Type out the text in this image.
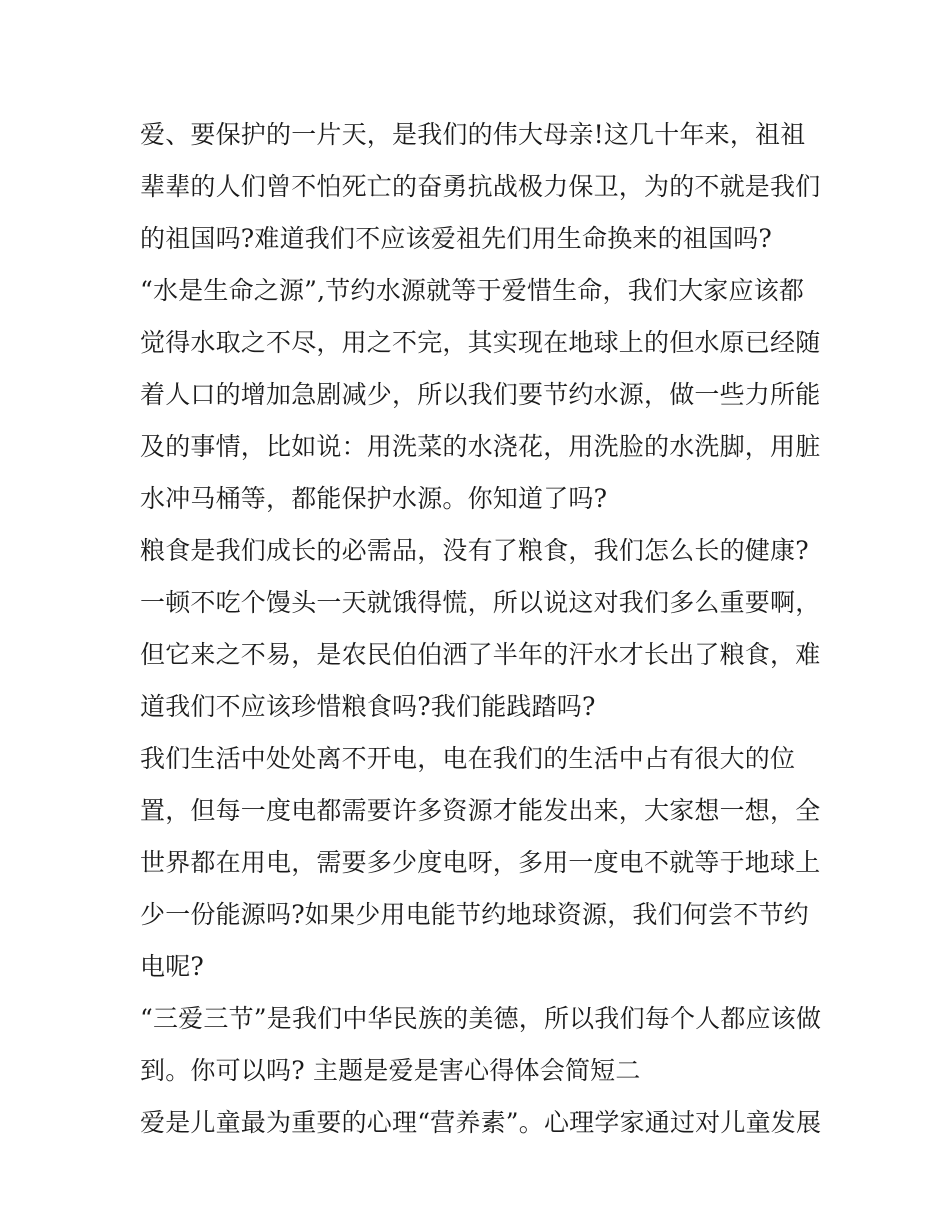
爱、要保护的一片天，是我们的伟大母亲!这几十年来，祖祖
辈辈的人们曾不怕死亡的奋勇抗战极力保卫，为的不就是我们
的祖国吗?难道我们不应该爱祖先们用生命换来的祖国吗?
“水是生命之源”,节约水源就等于爱惜生命，我们大家应该都
觉得水取之不尽，用之不完，其实现在地球上的但水原已经随
着人口的增加急剧减少，所以我们要节约水源，做一些力所能
及的事情，比如说：用洗菜的水浇花，用洗脸的水洗脚，用脏
水冲马桶等，都能保护水源。你知道了吗?
粮食是我们成长的必需品，没有了粮食，我们怎么长的健康?
一顿不吃个馒头一天就饿得慌，所以说这对我们多么重要啊，
但它来之不易，是农民伯伯洒了半年的汗水才长出了粮食，难
道我们不应该珍惜粮食吗?我们能践踏吗?
我们生活中处处离不开电，电在我们的生活中占有很大的位
置，但每一度电都需要许多资源才能发出来，大家想一想，全
世界都在用电，需要多少度电呀，多用一度电不就等于地球上
少一份能源吗?如果少用电能节约地球资源，我们何尝不节约
电呢?
“三爱三节”是我们中华民族的美德，所以我们每个人都应该做
到。你可以吗? 主题是爱是害心得体会简短二
爱是儿童最为重要的心理“营养素”。心理学家通过对儿童发展
